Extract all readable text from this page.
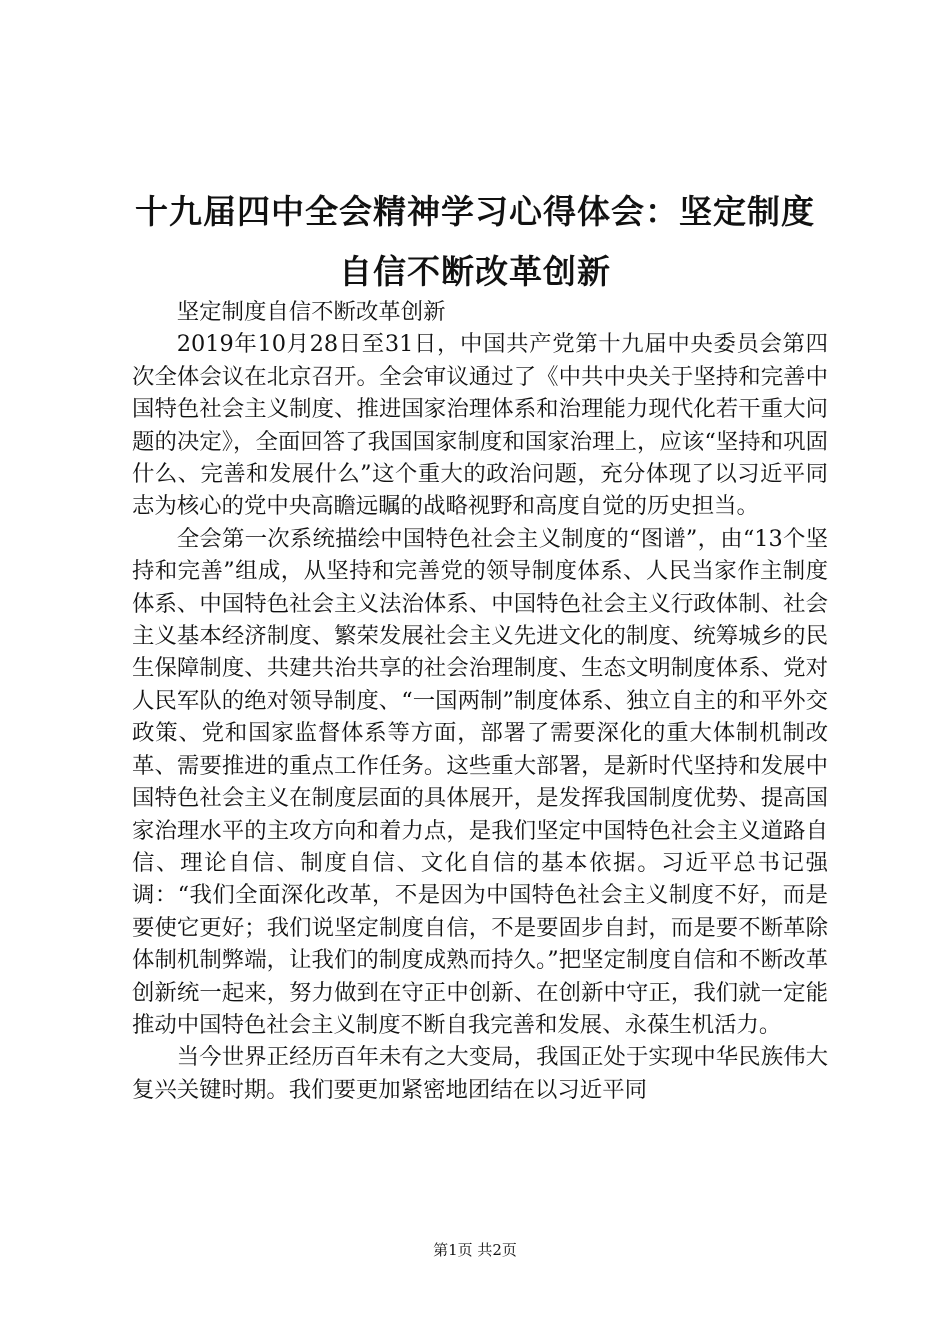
十九届四中全会精神学习心得体会：坚定制度
自信不断改革创新

坚定制度自信不断改革创新

2019年10月28日至31日，中国共产党第十九届中央委员会第四次全体会议在北京召开。全会审议通过了《中共中央关于坚持和完善中国特色社会主义制度、推进国家治理体系和治理能力现代化若干重大问题的决定》，全面回答了我国国家制度和国家治理上，应该“坚持和巩固什么、完善和发展什么”这个重大的政治问题，充分体现了以习近平同志为核心的党中央高瞻远瞩的战略视野和高度自觉的历史担当。

全会第一次系统描绘中国特色社会主义制度的“图谱”，由“13个坚持和完善”组成，从坚持和完善党的领导制度体系、人民当家作主制度体系、中国特色社会主义法治体系、中国特色社会主义行政体制、社会主义基本经济制度、繁荣发展社会主义先进文化的制度、统筹城乡的民生保障制度、共建共治共享的社会治理制度、生态文明制度体系、党对人民军队的绝对领导制度、“一国两制”制度体系、独立自主的和平外交政策、党和国家监督体系等方面，部署了需要深化的重大体制机制改革、需要推进的重点工作任务。这些重大部署，是新时代坚持和发展中国特色社会主义在制度层面的具体展开，是发挥我国制度优势、提高国家治理水平的主攻方向和着力点，是我们坚定中国特色社会主义道路自信、理论自信、制度自信、文化自信的基本依据。习近平总书记强调：“我们全面深化改革，不是因为中国特色社会主义制度不好，而是要使它更好；我们说坚定制度自信，不是要固步自封，而是要不断革除体制机制弊端，让我们的制度成熟而持久。”把坚定制度自信和不断改革创新统一起来，努力做到在守正中创新、在创新中守正，我们就一定能推动中国特色社会主义制度不断自我完善和发展、永葆生机活力。

当今世界正经历百年未有之大变局，我国正处于实现中华民族伟大复兴关键时期。我们要更加紧密地团结在以习近平同

第1页 共2页
